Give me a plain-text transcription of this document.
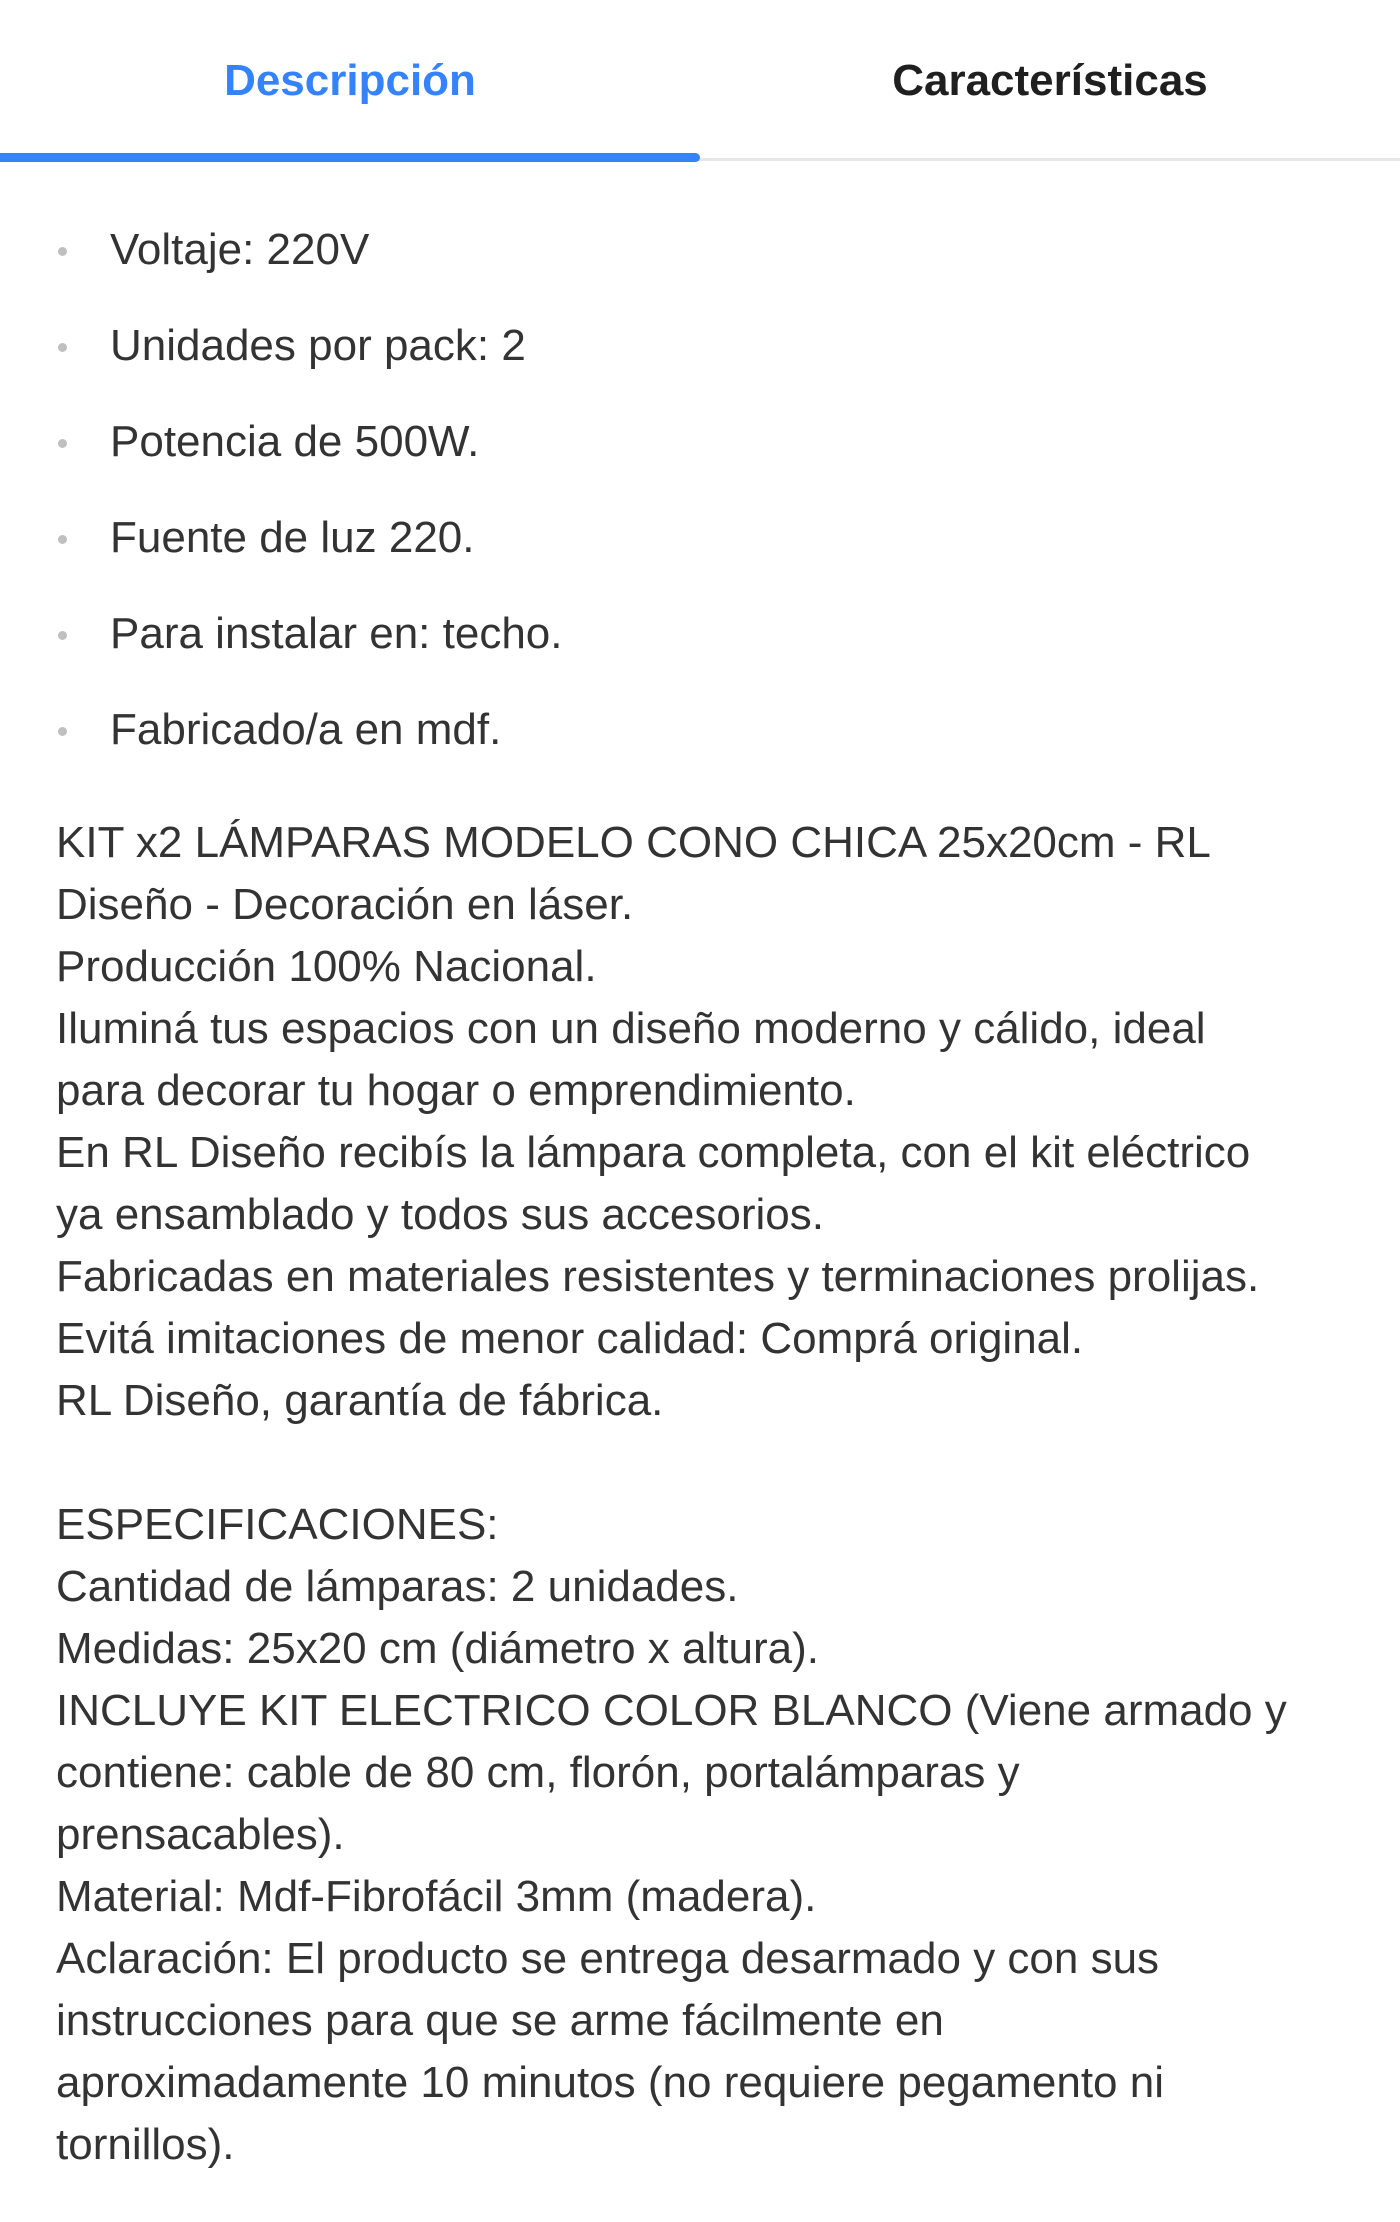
Descripción	Características
Voltaje: 220V
Unidades por pack: 2
Potencia de 500W.
Fuente de luz 220.
Para instalar en: techo.
Fabricado/a en mdf.
KIT x2 LÁMPARAS MODELO CONO CHICA 25x20cm - RL
Diseño - Decoración en láser.
Producción 100% Nacional.
Iluminá tus espacios con un diseño moderno y cálido, ideal
para decorar tu hogar o emprendimiento.
En RL Diseño recibís la lámpara completa, con el kit eléctrico
ya ensamblado y todos sus accesorios.
Fabricadas en materiales resistentes y terminaciones prolijas.
Evitá imitaciones de menor calidad: Comprá original.
RL Diseño, garantía de fábrica.
ESPECIFICACIONES:
Cantidad de lámparas: 2 unidades.
Medidas: 25x20 cm (diámetro x altura).
INCLUYE KIT ELECTRICO COLOR BLANCO (Viene armado y
contiene: cable de 80 cm, florón, portalámparas y
prensacables).
Material: Mdf-Fibrofácil 3mm (madera).
Aclaración: El producto se entrega desarmado y con sus
instrucciones para que se arme fácilmente en
aproximadamente 10 minutos (no requiere pegamento ni
tornillos).
